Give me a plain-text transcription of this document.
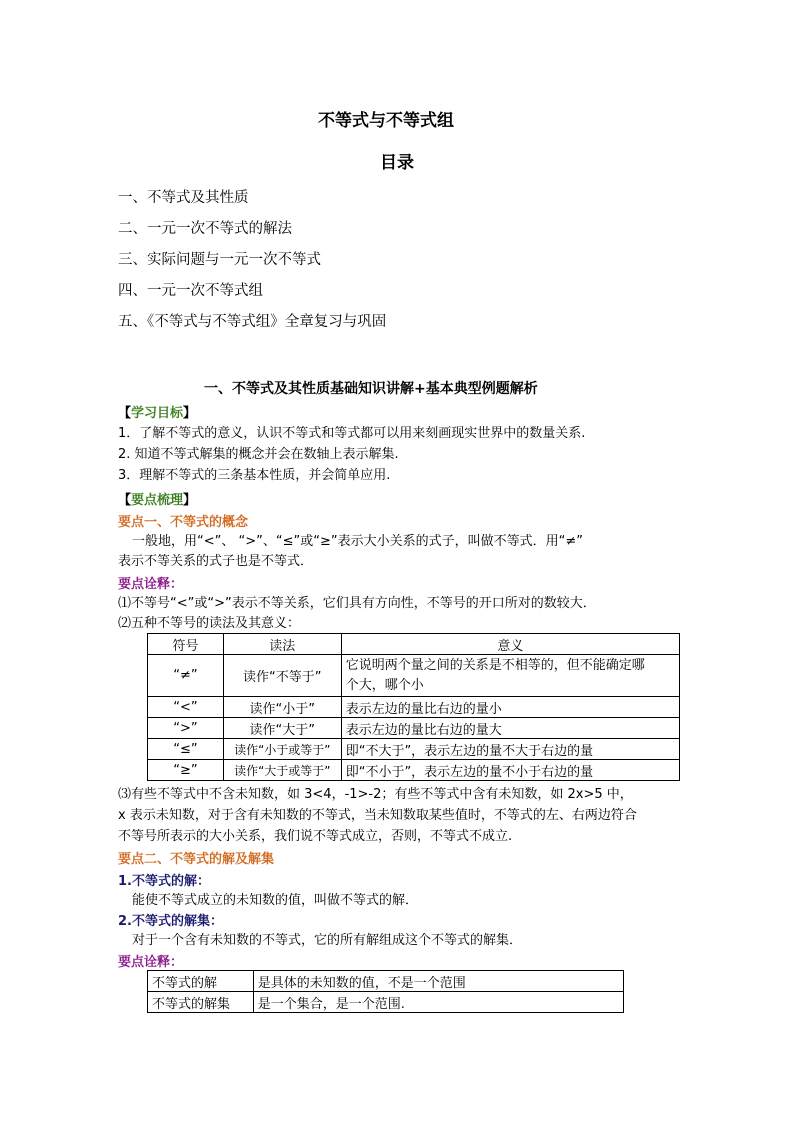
不等式与不等式组
目录
一、不等式及其性质
二、一元一次不等式的解法
三、实际问题与一元一次不等式
四、一元一次不等式组
五、《不等式与不等式组》全章复习与巩固
一、不等式及其性质基础知识讲解+基本典型例题解析
【学习目标】
1．了解不等式的意义，认识不等式和等式都可以用来刻画现实世界中的数量关系.
2. 知道不等式解集的概念并会在数轴上表示解集.
3．理解不等式的三条基本性质，并会简单应用.
【要点梳理】
要点一、不等式的概念
一般地，用“<”、 “>”、“≤”或“≥”表示大小关系的式子，叫做不等式．用“≠”
表示不等关系的式子也是不等式．
要点诠释：
⑴不等号“<”或“>”表示不等关系，它们具有方向性，不等号的开口所对的数较大．
⑵五种不等号的读法及其意义：
符号	读法	意义
“≠”	读作“不等于”	它说明两个量之间的关系是不相等的，但不能确定哪
个大，哪个小
“<”	读作“小于”	表示左边的量比右边的量小
“>”	读作“大于”	表示左边的量比右边的量大
“≤”	读作“小于或等于”	即“不大于”，表示左边的量不大于右边的量
“≥”	读作“大于或等于”	即“不小于”，表示左边的量不小于右边的量
⑶有些不等式中不含未知数，如 3<4，-1>-2；有些不等式中含有未知数，如 2x>5 中，
x 表示未知数，对于含有未知数的不等式，当未知数取某些值时，不等式的左、右两边符合
不等号所表示的大小关系，我们说不等式成立，否则，不等式不成立.
要点二、不等式的解及解集
1.不等式的解：
能使不等式成立的未知数的值，叫做不等式的解．
2.不等式的解集：
对于一个含有未知数的不等式，它的所有解组成这个不等式的解集．
要点诠释：
不等式的解	是具体的未知数的值，不是一个范围
不等式的解集	是一个集合，是一个范围.
